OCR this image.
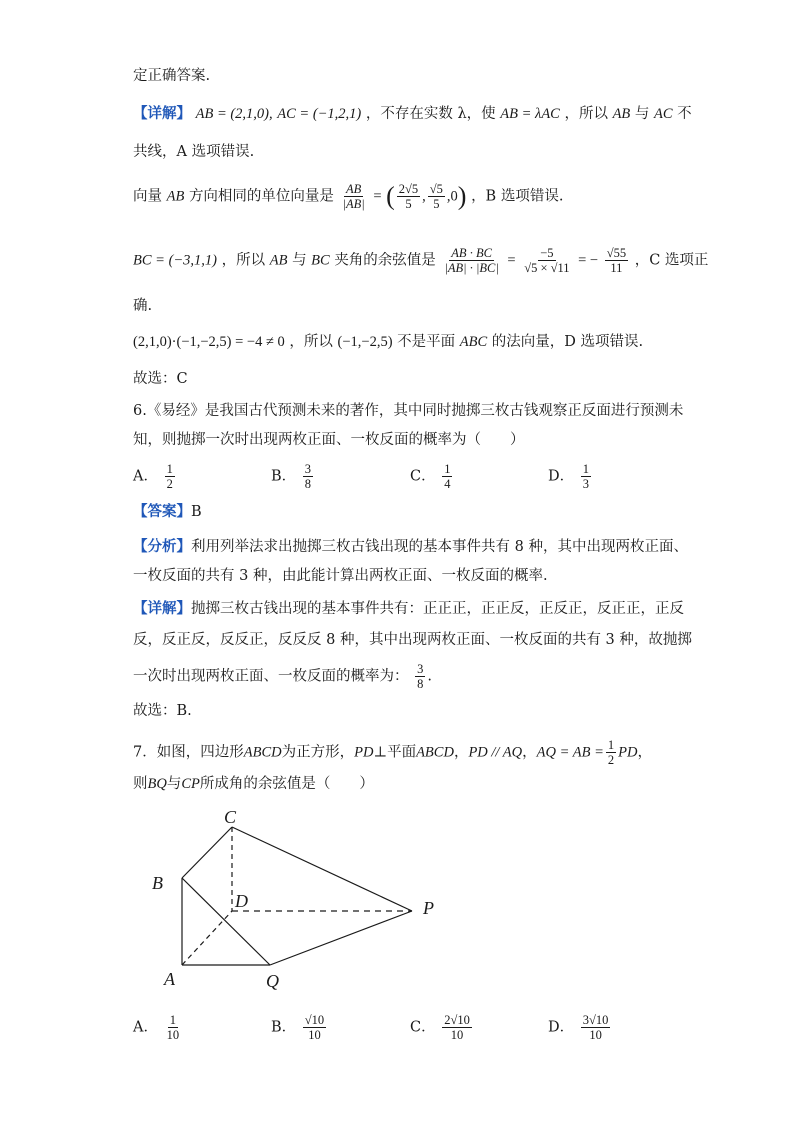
定正确答案.
【详解】 AB = (2,1,0), AC = (−1,2,1) ，不存在实数 λ，使 AB = λAC ，所以 AB 与 AC 不
共线，A 选项错误.
向量 AB 方向相同的单位向量是 $\frac{AB}{|AB|}$ = ( $\frac{2√5}{5}$ , $\frac{√5}{5} ,0$) ，B 选项错误.
BC = (−3,1,1) ，所以 AB 与 BC 夹角的余弦值是 $\frac{AB \cdot BC}{|AB| \cdot |BC|} = \frac{-5}{√5 \times √11}$ = − $\frac{√55}{11}$ ，C 选项正
确.
(2,1,0)·(−1,−2,5) = −4 ≠ 0 ，所以 (−1,−2,5) 不是平面 ABC 的法向量，D 选项错误.
故选：C
6.《易经》是我国古代预测未来的著作，其中同时抛掷三枚古钱观察正反面进行预测未
知，则抛掷一次时出现两枚正面、一枚反面的概率为（　　）
A． $\frac{1}{2}$	B． $\frac{3}{8}$	C． $\frac{1}{4}$	D． $\frac{1}{3}$
【答案】B
【分析】利用列举法求出抛掷三枚古钱出现的基本事件共有 8 种，其中出现两枚正面、
一枚反面的共有 3 种，由此能计算出两枚正面、一枚反面的概率.
【详解】抛掷三枚古钱出现的基本事件共有：正正正，正正反，正反正，反正正，正反
反，反正反，反反正，反反反 8 种，其中出现两枚正面、一枚反面的共有 3 种，故抛掷
一次时出现两枚正面、一枚反面的概率为： $\frac{3}{8}$ .
故选：B.
7．如图，四边形ABCD为正方形，PD⊥平面ABCD，PD // AQ，AQ = AB = $\frac{1}{2}$ PD，
则BQ与CP所成角的余弦值是（　　）
C
B
D	P
A	Q
A． $\frac{1}{10}$	B． $\frac{√10}{10}$	C． $\frac{2√10}{10}$	D． $\frac{3√10}{10}$
